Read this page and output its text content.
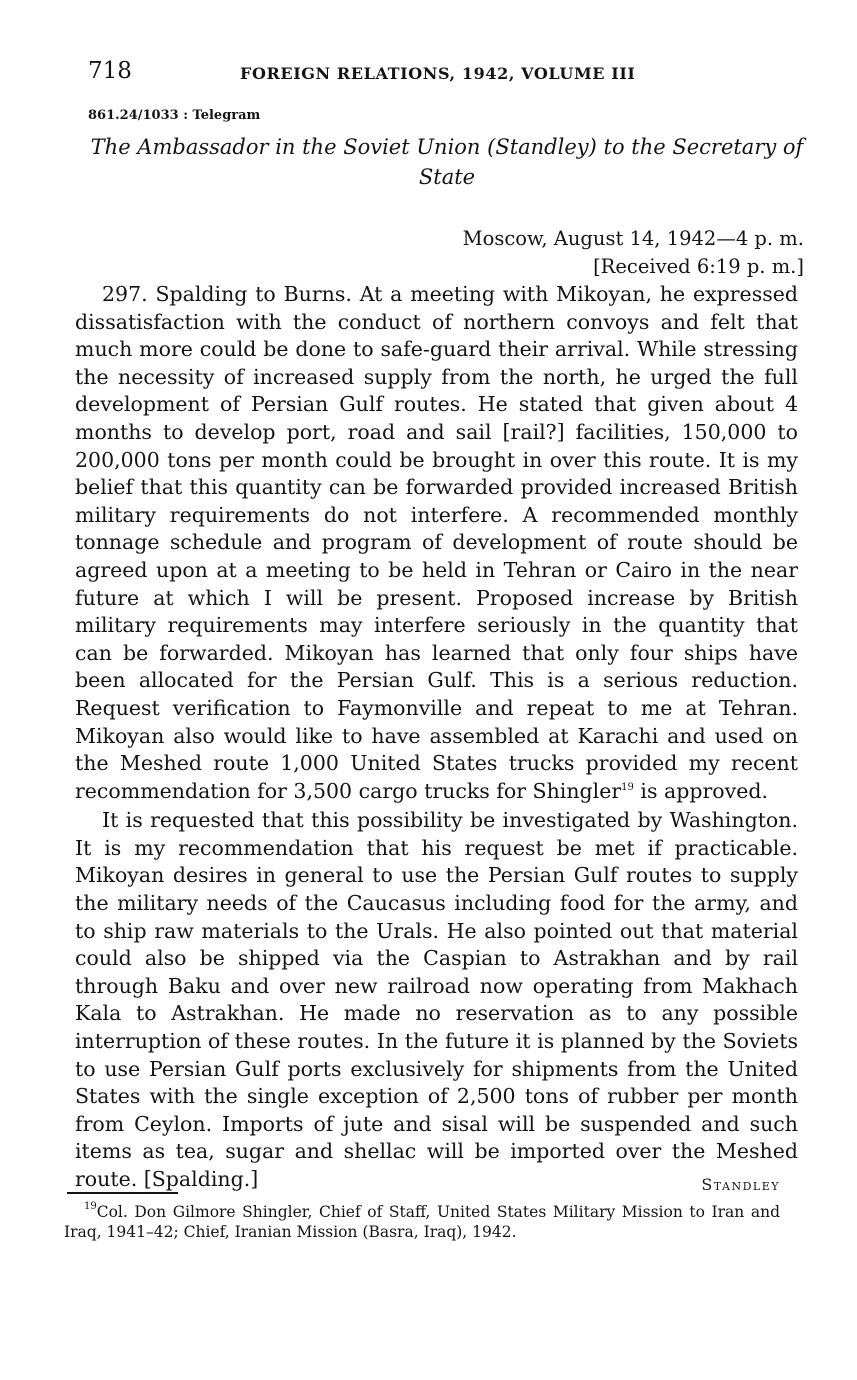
718	FOREIGN RELATIONS, 1942, VOLUME III
861.24/1033 : Telegram
The Ambassador in the Soviet Union (Standley) to the Secretary of State
Moscow, August 14, 1942—4 p. m.
[Received 6:19 p. m.]

297. Spalding to Burns. At a meeting with Mikoyan, he expressed dissatisfaction with the conduct of northern convoys and felt that much more could be done to safe-guard their arrival. While stressing the necessity of increased supply from the north, he urged the full development of Persian Gulf routes. He stated that given about 4 months to develop port, road and sail [rail?] facilities, 150,000 to 200,000 tons per month could be brought in over this route. It is my belief that this quantity can be forwarded provided increased British military requirements do not interfere. A recommended monthly tonnage schedule and program of development of route should be agreed upon at a meeting to be held in Tehran or Cairo in the near future at which I will be present. Proposed increase by British military requirements may interfere seriously in the quantity that can be forwarded. Mikoyan has learned that only four ships have been allocated for the Persian Gulf. This is a serious reduction. Request verification to Faymonville and repeat to me at Tehran. Mikoyan also would like to have assembled at Karachi and used on the Meshed route 1,000 United States trucks provided my recent recommendation for 3,500 cargo trucks for Shingler$^{19}$ is approved.

It is requested that this possibility be investigated by Washington. It is my recommendation that his request be met if practicable. Mikoyan desires in general to use the Persian Gulf routes to supply the military needs of the Caucasus including food for the army, and to ship raw materials to the Urals. He also pointed out that material could also be shipped via the Caspian to Astrakhan and by rail through Baku and over new railroad now operating from Makhach Kala to Astrakhan. He made no reservation as to any possible interruption of these routes. In the future it is planned by the Soviets to use Persian Gulf ports exclusively for shipments from the United States with the single exception of 2,500 tons of rubber per month from Ceylon. Imports of jute and sisal will be suspended and such items as tea, sugar and shellac will be imported over the Meshed route. [Spalding.]	Standley

$^{19}$Col. Don Gilmore Shingler, Chief of Staff, United States Military Mission to Iran and Iraq, 1941–42; Chief, Iranian Mission (Basra, Iraq), 1942.
